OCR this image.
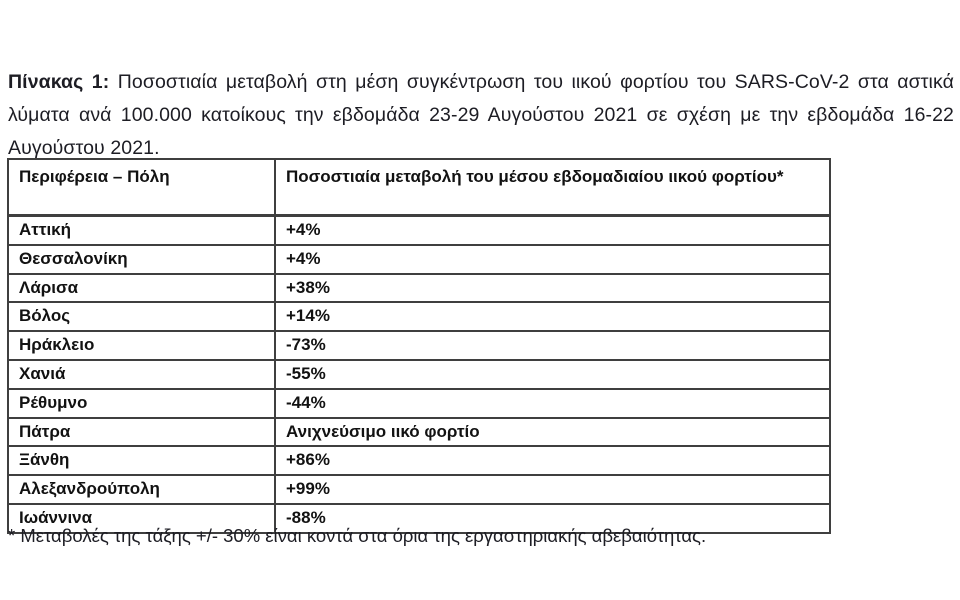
Πίνακας 1: Ποσοστιαία μεταβολή στη μέση συγκέντρωση του ιικού φορτίου του SARS-CoV-2 στα αστικά λύματα ανά 100.000 κατοίκους την εβδομάδα 23-29 Αυγούστου 2021 σε σχέση με την εβδομάδα 16-22 Αυγούστου 2021.

Περιφέρεια – Πόλη	Ποσοστιαία μεταβολή του μέσου εβδομαδιαίου ιικού φορτίου*
Αττική	+4%
Θεσσαλονίκη	+4%
Λάρισα	+38%
Βόλος	+14%
Ηράκλειο	-73%
Χανιά	-55%
Ρέθυμνο	-44%
Πάτρα	Ανιχνεύσιμο ιικό φορτίο
Ξάνθη	+86%
Αλεξανδρούπολη	+99%
Ιωάννινα	-88%

* Μεταβολές της τάξης +/- 30% είναι κοντά στα όρια της εργαστηριακής αβεβαιότητας.
